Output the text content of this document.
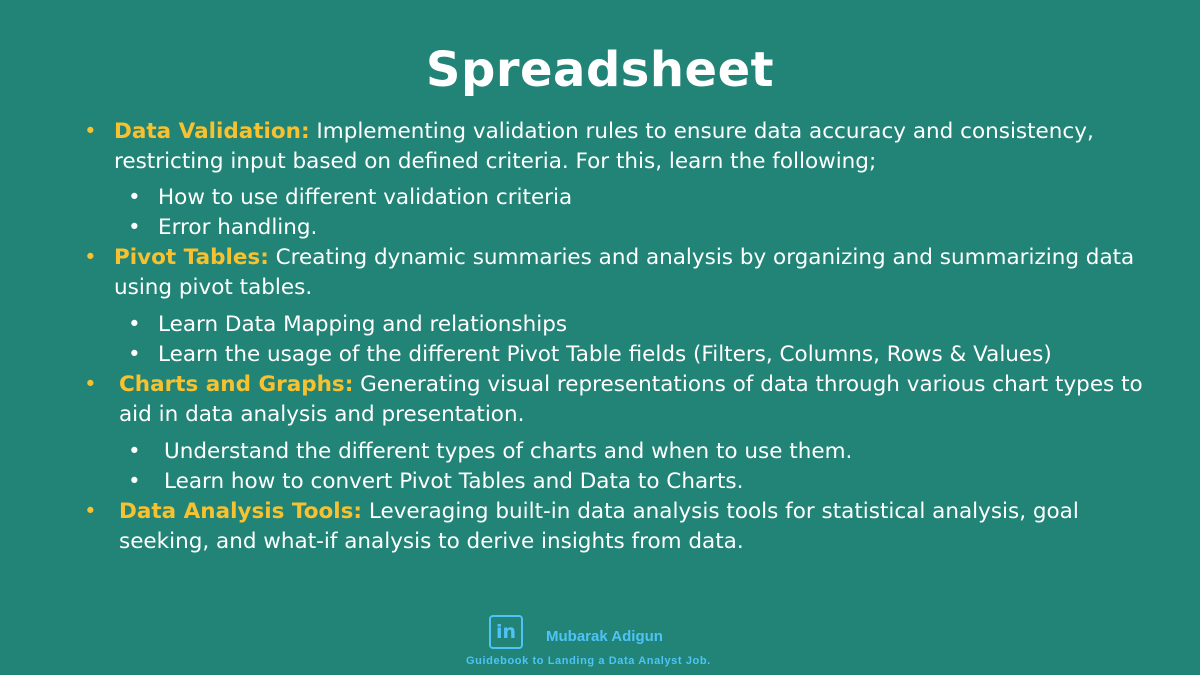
Spreadsheet
• Data Validation: Implementing validation rules to ensure data accuracy and consistency, restricting input based on defined criteria. For this, learn the following;
• How to use different validation criteria
• Error handling.
• Pivot Tables: Creating dynamic summaries and analysis by organizing and summarizing data using pivot tables.
• Learn Data Mapping and relationships
• Learn the usage of the different Pivot Table fields (Filters, Columns, Rows & Values)
• Charts and Graphs: Generating visual representations of data through various chart types to aid in data analysis and presentation.
• Understand the different types of charts and when to use them.
• Learn how to convert Pivot Tables and Data to Charts.
• Data Analysis Tools: Leveraging built-in data analysis tools for statistical analysis, goal seeking, and what-if analysis to derive insights from data.
in Mubarak Adigun
Guidebook to Landing a Data Analyst Job.
